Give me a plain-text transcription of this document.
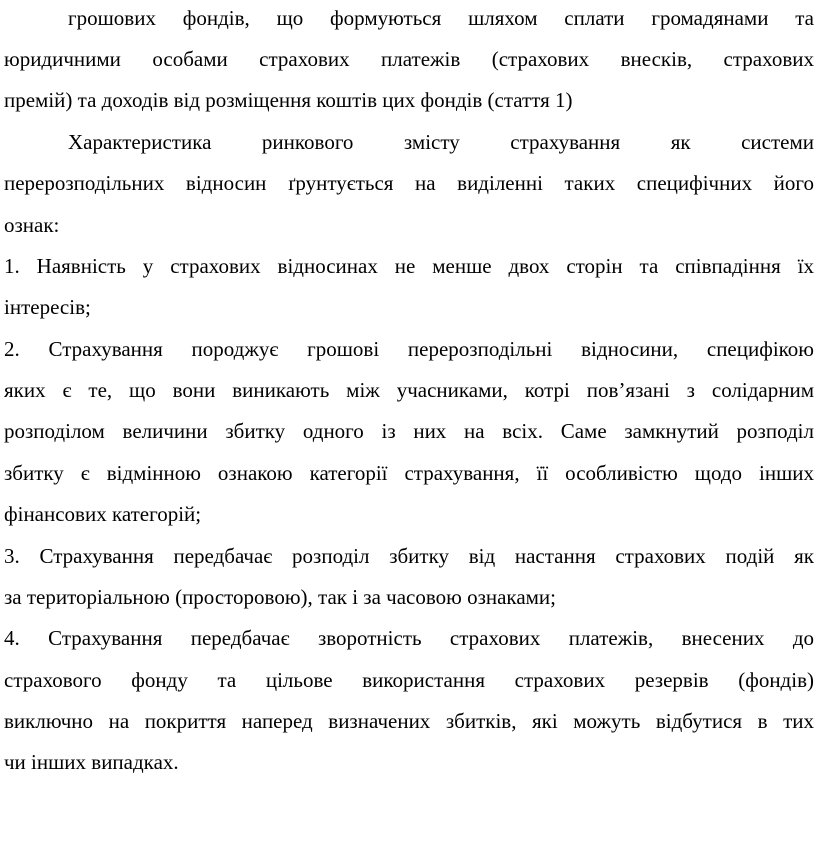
грошових фондів, що формуються шляхом сплати громадянами та
юридичними особами страхових платежів (страхових внесків, страхових
премій) та доходів від розміщення коштів цих фондів (стаття 1)
Характеристика ринкового змісту страхування як системи
перерозподільних відносин ґрунтується на виділенні таких специфічних його
ознак:
1. Наявність у страхових відносинах не менше двох сторін та співпадіння їх
інтересів;
2. Страхування породжує грошові перерозподільні відносини, специфікою
яких є те, що вони виникають між учасниками, котрі пов’язані з солідарним
розподілом величини збитку одного із них на всіх. Саме замкнутий розподіл
збитку є відмінною ознакою категорії страхування, її особливістю щодо інших
фінансових категорій;
3. Страхування передбачає розподіл збитку від настання страхових подій як
за територіальною (просторовою), так і за часовою ознаками;
4. Страхування передбачає зворотність страхових платежів, внесених до
страхового фонду та цільове використання страхових резервів (фондів)
виключно на покриття наперед визначених збитків, які можуть відбутися в тих
чи інших випадках.
